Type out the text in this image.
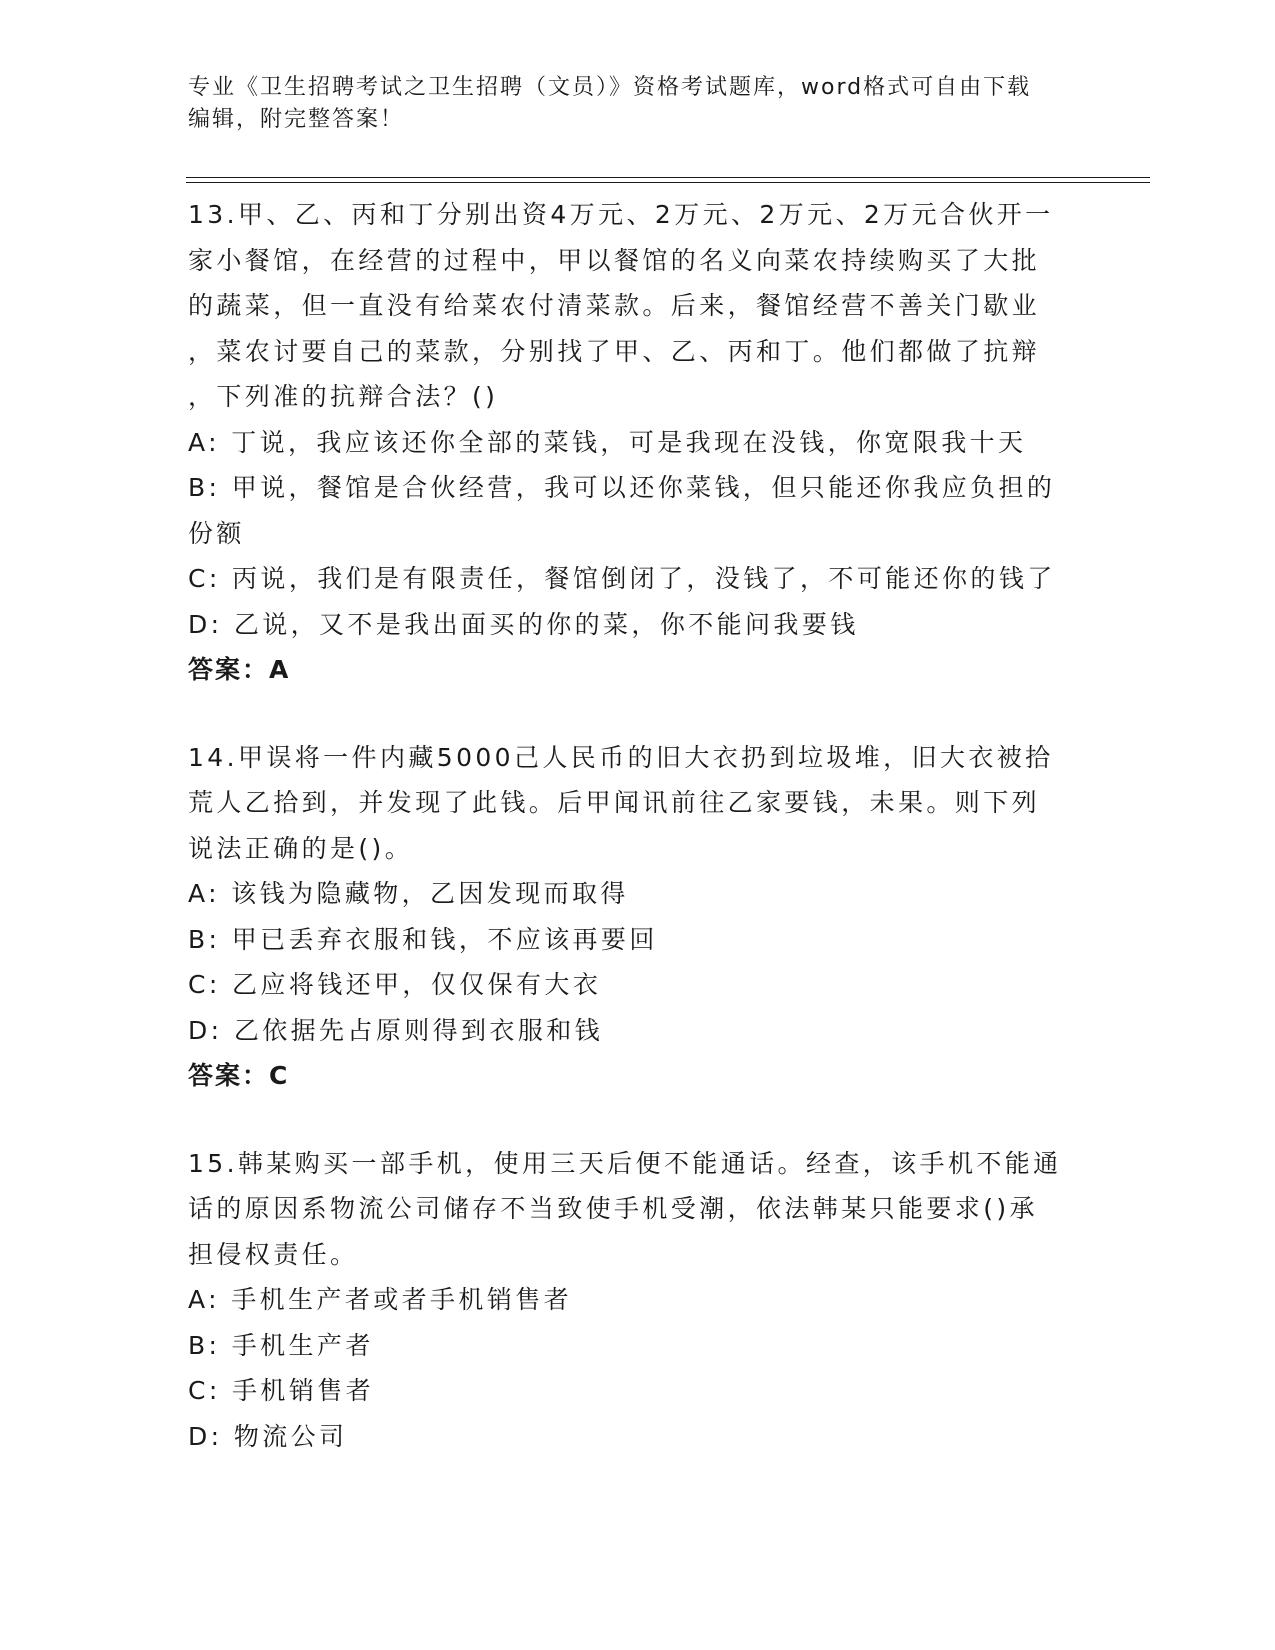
专业《卫生招聘考试之卫生招聘（文员）》资格考试题库，word格式可自由下载
编辑，附完整答案！
13.甲、乙、丙和丁分别出资4万元、2万元、2万元、2万元合伙开一
家小餐馆，在经营的过程中，甲以餐馆的名义向菜农持续购买了大批
的蔬菜，但一直没有给菜农付清菜款。后来，餐馆经营不善关门歇业
，菜农讨要自己的菜款，分别找了甲、乙、丙和丁。他们都做了抗辩
，下列准的抗辩合法？()
A: 丁说，我应该还你全部的菜钱，可是我现在没钱，你宽限我十天
B: 甲说，餐馆是合伙经营，我可以还你菜钱，但只能还你我应负担的
份额
C: 丙说，我们是有限责任，餐馆倒闭了，没钱了，不可能还你的钱了
D: 乙说，又不是我出面买的你的菜，你不能问我要钱
答案：A
14.甲误将一件内藏5000己人民币的旧大衣扔到垃圾堆，旧大衣被拾
荒人乙拾到，并发现了此钱。后甲闻讯前往乙家要钱，未果。则下列
说法正确的是()。
A: 该钱为隐藏物，乙因发现而取得
B: 甲已丢弃衣服和钱，不应该再要回
C: 乙应将钱还甲，仅仅保有大衣
D: 乙依据先占原则得到衣服和钱
答案：C
15.韩某购买一部手机，使用三天后便不能通话。经查，该手机不能通
话的原因系物流公司储存不当致使手机受潮，依法韩某只能要求()承
担侵权责任。
A: 手机生产者或者手机销售者
B: 手机生产者
C: 手机销售者
D: 物流公司
